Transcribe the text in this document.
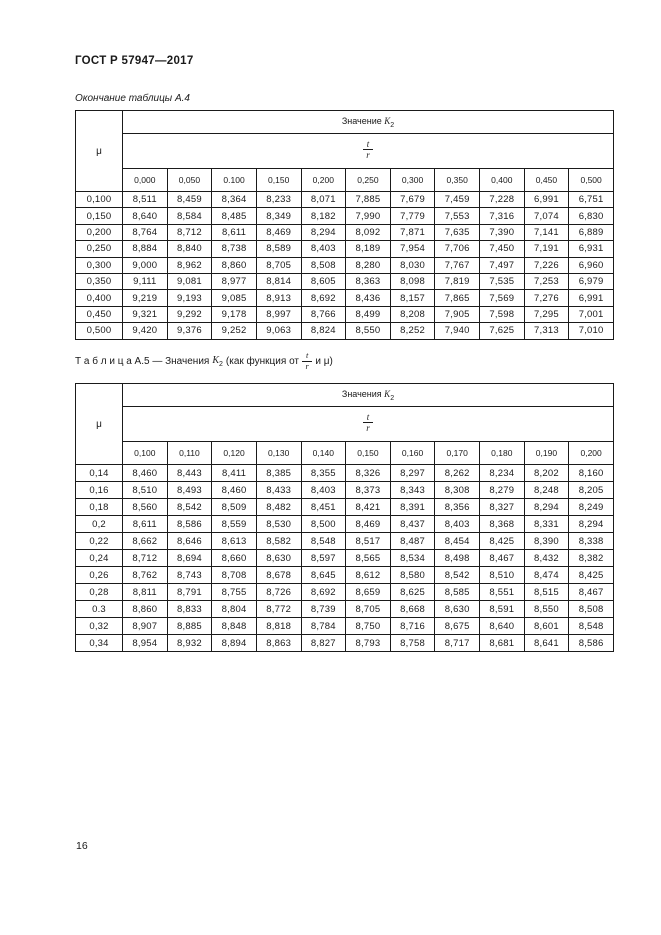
ГОСТ Р 57947—2017
Окончание таблицы А.4
μ	Значение $K_2$

	$\frac{t}{r}$

	0,000	0,050	0.100	0,150	0,200	0,250	0,300	0,350	0,400	0,450	0,500
0,100	8,511	8,459	8,364	8,233	8,071	7,885	7,679	7,459	7,228	6,991	6,751
0,150	8,640	8,584	8,485	8,349	8,182	7,990	7,779	7,553	7,316	7,074	6,830
0,200	8,764	8,712	8,611	8,469	8,294	8,092	7,871	7,635	7,390	7,141	6,889
0,250	8,884	8,840	8,738	8,589	8,403	8,189	7,954	7,706	7,450	7,191	6,931
0,300	9,000	8,962	8,860	8,705	8,508	8,280	8,030	7,767	7,497	7,226	6,960
0,350	9,111	9,081	8,977	8,814	8,605	8,363	8,098	7,819	7,535	7,253	6,979
0,400	9,219	9,193	9,085	8,913	8,692	8,436	8,157	7,865	7,569	7,276	6,991
0,450	9,321	9,292	9,178	8,997	8,766	8,499	8,208	7,905	7,598	7,295	7,001
0,500	9,420	9,376	9,252	9,063	8,824	8,550	8,252	7,940	7,625	7,313	7,010
Т а б л и ц а А.5 — Значения $K_2$ (как функция от $\frac{t}{r}$ и μ)
μ	Значения $K_2$

	$\frac{t}{r}$

	0,100	0,110	0,120	0,130	0,140	0,150	0,160	0,170	0,180	0,190	0,200
0,14	8,460	8,443	8,411	8,385	8,355	8,326	8,297	8,262	8,234	8,202	8,160
0,16	8,510	8,493	8,460	8,433	8,403	8,373	8,343	8,308	8,279	8,248	8,205
0,18	8,560	8,542	8,509	8,482	8,451	8,421	8,391	8,356	8,327	8,294	8,249
0,2	8,611	8,586	8,559	8,530	8,500	8,469	8,437	8,403	8,368	8,331	8,294
0,22	8,662	8,646	8,613	8,582	8,548	8,517	8,487	8,454	8,425	8,390	8,338
0,24	8,712	8,694	8,660	8,630	8,597	8,565	8,534	8,498	8,467	8,432	8,382
0,26	8,762	8,743	8,708	8,678	8,645	8,612	8,580	8,542	8,510	8,474	8,425
0,28	8,811	8,791	8,755	8,726	8,692	8,659	8,625	8,585	8,551	8,515	8,467
0.3	8,860	8,833	8,804	8,772	8,739	8,705	8,668	8,630	8,591	8,550	8,508
0,32	8,907	8,885	8,848	8,818	8,784	8,750	8,716	8,675	8,640	8,601	8,548
0,34	8,954	8,932	8,894	8,863	8,827	8,793	8,758	8,717	8,681	8,641	8,586
16
